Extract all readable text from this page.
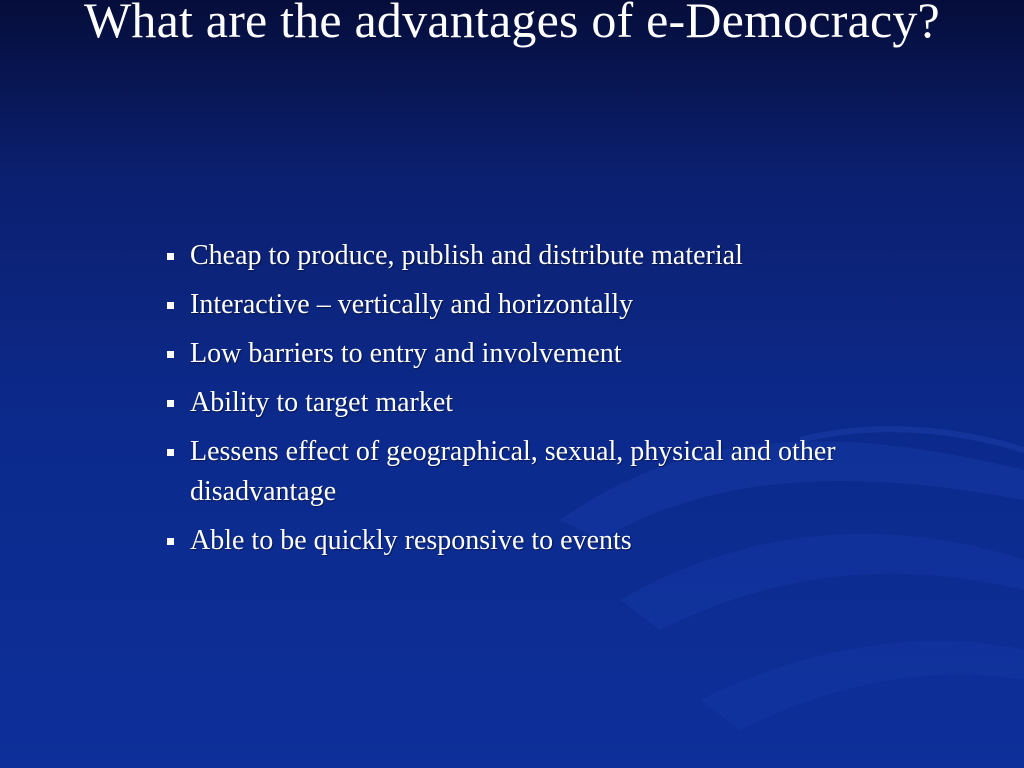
What are the advantages of e-Democracy?
Cheap to produce, publish and distribute material
Interactive – vertically and horizontally
Low barriers to entry and involvement
Ability to target market
Lessens effect of geographical, sexual, physical and other disadvantage
Able to be quickly responsive to events
